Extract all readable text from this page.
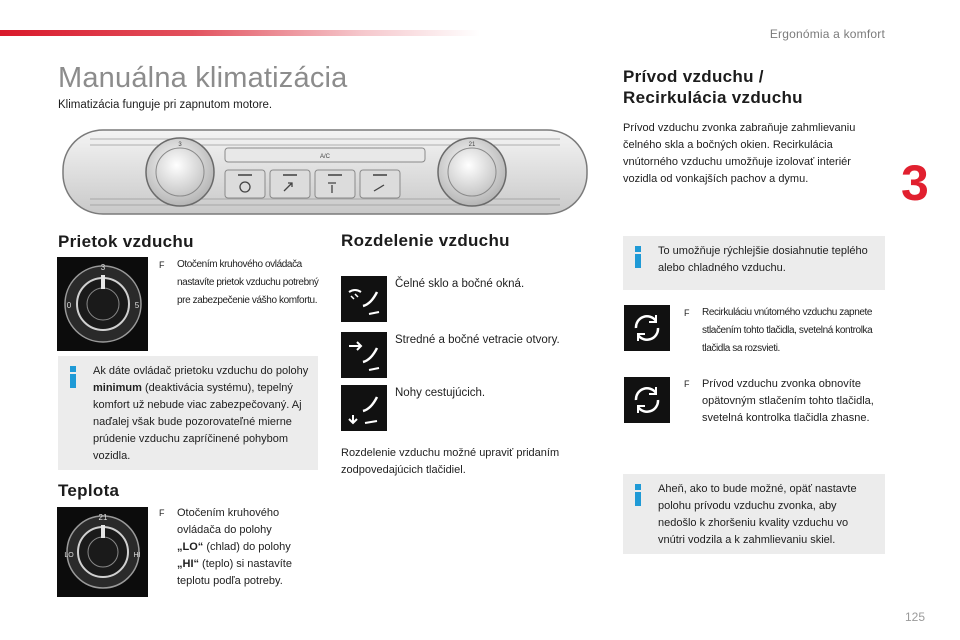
Ergonómia a komfort
3
125
Manuálna klimatizácia
Klimatizácia funguje pri zapnutom motore.
A/C
3	21
Prietok vzduchu
3
0	5
F Otočením kruhového ovládača nastavíte prietok vzduchu potrebný pre zabezpečenie vášho komfortu.
Ak dáte ovládač prietoku vzduchu do polohy minimum (deaktivácia systému), tepelný komfort už nebude viac zabezpečovaný. Aj naďalej však bude pozorovateľné mierne prúdenie vzduchu zapríčinené pohybom vozidla.
Teplota
21
LO	HI
F Otočením kruhového ovládača do polohy
„LO“ (chlad) do polohy
„HI“ (teplo) si nastavíte teplotu podľa potreby.
Rozdelenie vzduchu
Čelné sklo a bočné okná.
Stredné a bočné vetracie otvory.
Nohy cestujúcich.
Rozdelenie vzduchu možné upraviť pridaním zodpovedajúcich tlačidiel.
Prívod vzduchu /
Recirkulácia vzduchu
Prívod vzduchu zvonka zabraňuje zahmlievaniu čelného skla a bočných okien. Recirkulácia vnútorného vzduchu umožňuje izolovať interiér vozidla od vonkajších pachov a dymu.
To umožňuje rýchlejšie dosiahnutie teplého alebo chladného vzduchu.
F Recirkuláciu vnútorného vzduchu zapnete stlačením tohto tlačidla, svetelná kontrolka tlačidla sa rozsvieti.
F Prívod vzduchu zvonka obnovíte opätovným stlačením tohto tlačidla, svetelná kontrolka tlačidla zhasne.
Aheň, ako to bude možné, opäť nastavte polohu prívodu vzduchu zvonka, aby nedošlo k zhoršeniu kvality vzduchu vo vnútri vodzila a k zahmlievaniu skiel.
